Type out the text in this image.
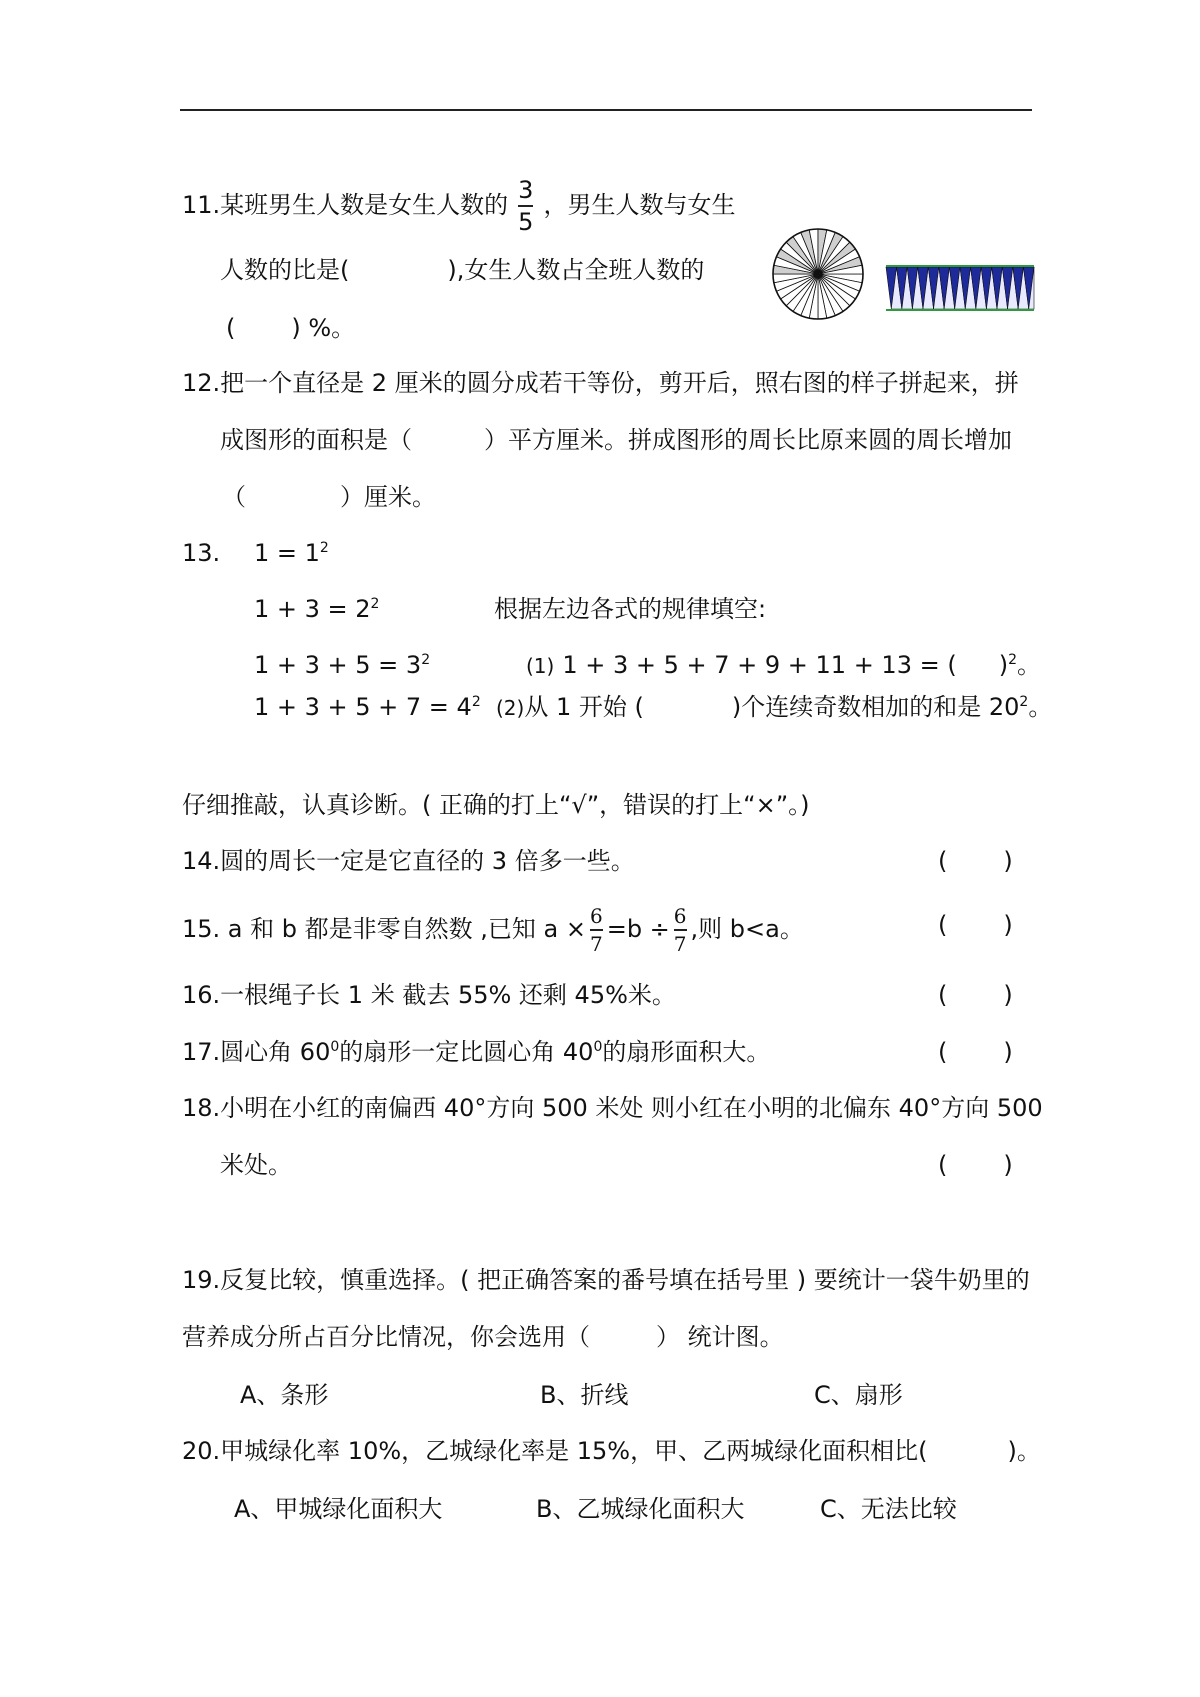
11.某班男生人数是女生人数的 $\frac{3}{5}$ ，男生人数与女生
人数的比是(	),女生人数占全班人数的
( ) %。
12.把一个直径是 2 厘米的圆分成若干等份，剪开后，照右图的样子拼起来，拼
成图形的面积是（	）平方厘米。拼成图形的周长比原来圆的周长增加
（	）厘米。
13. $1 = 1^2$
$1 + 3 = 2^2$
$1 + 3 + 5 = 3^2$
$1 + 3 + 5 + 7 = 4^2$
根据左边各式的规律填空:
(1) 1 + 3 + 5 + 7 + 9 + 11 + 13 = ( )$^2$。
(2)从 1 开始 (	)个连续奇数相加的和是 $20^2$。
仔细推敲，认真诊断。( 正确的打上“√”，错误的打上“×”。)
14.圆的周长一定是它直径的 3 倍多一些。	( )
15. a 和 b 都是非零自然数 ,已知 $a \times \frac{6}{7} =b \div \frac{6}{7}$ ,则 b<a。	( )
16.一根绳子长 1 米 截去 55% 还剩 45%米。	( )
17.圆心角 $60^0$的扇形一定比圆心角 $40^0$的扇形面积大。	( )
18.小明在小红的南偏西 40°方向 500 米处 则小红在小明的北偏东 40°方向 500
米处。	( )
19.反复比较，慎重选择。( 把正确答案的番号填在括号里 ) 要统计一袋牛奶里的
营养成分所占百分比情况，你会选用（	） 统计图。
A、条形	B、折线	C、扇形
20.甲城绿化率 10%，乙城绿化率是 15%，甲、乙两城绿化面积相比(	)。
A、甲城绿化面积大	B、乙城绿化面积大	C、无法比较
